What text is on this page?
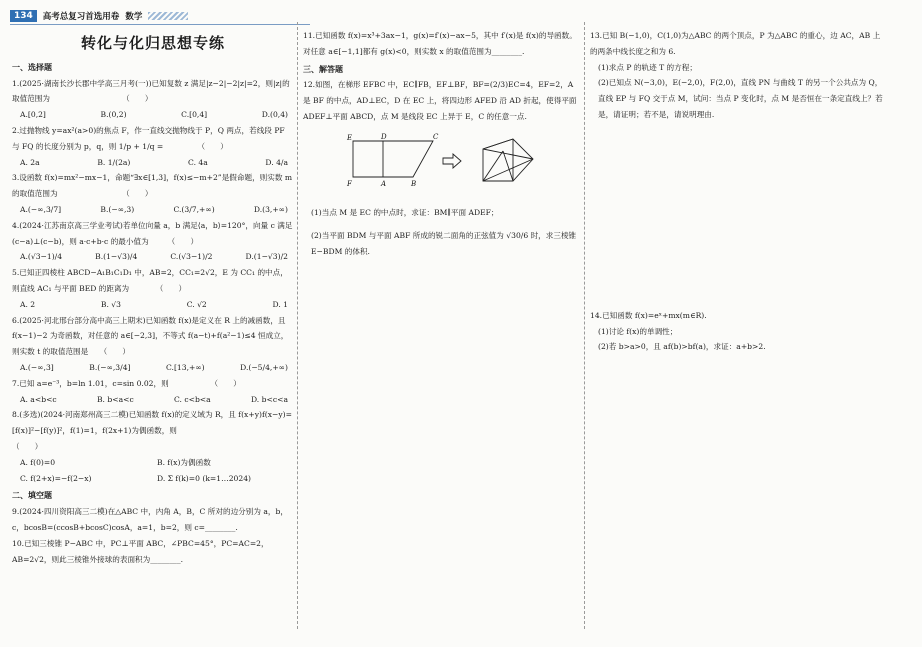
134	高考总复习首选用卷 数学
转化与化归思想专练
一、选择题

1.(2025·湖南长沙长郡中学高三月考(一))已知复数 z 满足|z−2|−2|z|=2，则|z|的取值范围为　　　　　　　　　　（　　）

A.[0,2]	B.(0,2)	C.[0,4]	D.(0,4)

2.过抛物线 y=ax²(a>0)的焦点 F，作一直线交抛物线于 P，Q 两点，若线段 PF 与 FQ 的长度分别为 p，q，则 1/p + 1/q =　　　　　（　　）

A. 2a	B. 1/(2a)	C. 4a	D. 4/a

3.设函数 f(x)=mx²−mx−1，命题“∃x∈[1,3]，f(x)≤−m+2”是假命题，则实数 m 的取值范围为　　　　　　　　　（　　）

A.(−∞,3/7]	B.(−∞,3)	C.(3/7,+∞)	D.(3,+∞)

4.(2024·江苏南京高三学业考试)若单位向量 a，b 满足⟨a，b⟩=120°，向量 c 满足(c−a)⊥(c−b)，则 a·c+b·c 的最小值为　　　（　　）

A.(√3−1)/4	B.(1−√3)/4	C.(√3−1)/2	D.(1−√3)/2

5.已知正四棱柱 ABCD−A₁B₁C₁D₁ 中，AB=2，CC₁=2√2，E 为 CC₁ 的中点，则直线 AC₁ 与平面 BED 的距离为　　　　（　　）

A. 2	B. √3	C. √2	D. 1

6.(2025·河北邢台部分高中高三上期末)已知函数 f(x)是定义在 R 上的减函数，且 f(x−1)−2 为奇函数，对任意的 a∈[−2,3]，不等式 f(a−t)+f(a²−1)≤4 恒成立，则实数 t 的取值范围是　　（　　）

A.(−∞,3]	B.(−∞,3/4]	C.[13,+∞)	D.(−5/4,+∞)

7.已知 a=e⁻³，b=ln 1.01，c=sin 0.02，则　　　　　　（　　）

A. a<b<c	B. b<a<c	C. c<b<a	D. b<c<a

8.(多选)(2024·河南郑州高三二模)已知函数 f(x)的定义域为 R，且 f(x+y)f(x−y)=[f(x)]²−[f(y)]²，f(1)=1，f(2x+1)为偶函数，则　　　　　　　　　　　　　　　　　　　（　　）

A. f(0)=0	B. f(x)为偶函数
C. f(2+x)=−f(2−x)	D. Σ f(k)=0 (k=1…2024)
二、填空题

9.(2024·四川资阳高三二模)在△ABC 中，内角 A，B，C 所对的边分别为 a，b，c，bcosB=(ccosB+bcosC)cosA，a=1，b=2，则 c=________.

10.已知三棱锥 P−ABC 中，PC⊥平面 ABC，∠PBC=45°，PC=AC=2，AB=2√2，则此三棱锥外接球的表面积为________.

11.已知函数 f(x)=x³+3ax−1，g(x)=f′(x)−ax−5，其中 f′(x)是 f(x)的导函数。对任意 a∈[−1,1]都有 g(x)<0，则实数 x 的取值范围为________.

三、解答题

12.如图，在梯形 EFBC 中，EC∥FB，EF⊥BF，BF=(2/3)EC=4，EF=2，A 是 BF 的中点，AD⊥EC，D 在 EC 上，将四边形 AFED 沿 AD 折起，使得平面 ADEF⊥平面 ABCD，点 M 是线段 EC 上异于 E，C 的任意一点.

E	D	C
F	A	B

(1)当点 M 是 EC 的中点时，求证：BM∥平面 ADEF；

(2)当平面 BDM 与平面 ABF 所成的锐二面角的正弦值为 √30/6 时，求三棱锥 E−BDM 的体积.

13.已知 B(−1,0)，C(1,0)为△ABC 的两个顶点，P 为△ABC 的重心，边 AC，AB 上的两条中线长度之和为 6.

(1)求点 P 的轨迹 T 的方程；

(2)已知点 N(−3,0)，E(−2,0)，F(2,0)，直线 PN 与曲线 T 的另一个公共点为 Q，直线 EP 与 FQ 交于点 M，试问：当点 P 变化时，点 M 是否恒在一条定直线上？若是，请证明；若不是，请说明理由.

14.已知函数 f(x)=eˣ+mx(m∈R).

(1)讨论 f(x)的单调性；

(2)若 b>a>0，且 af(b)>bf(a)，求证：a+b>2.
